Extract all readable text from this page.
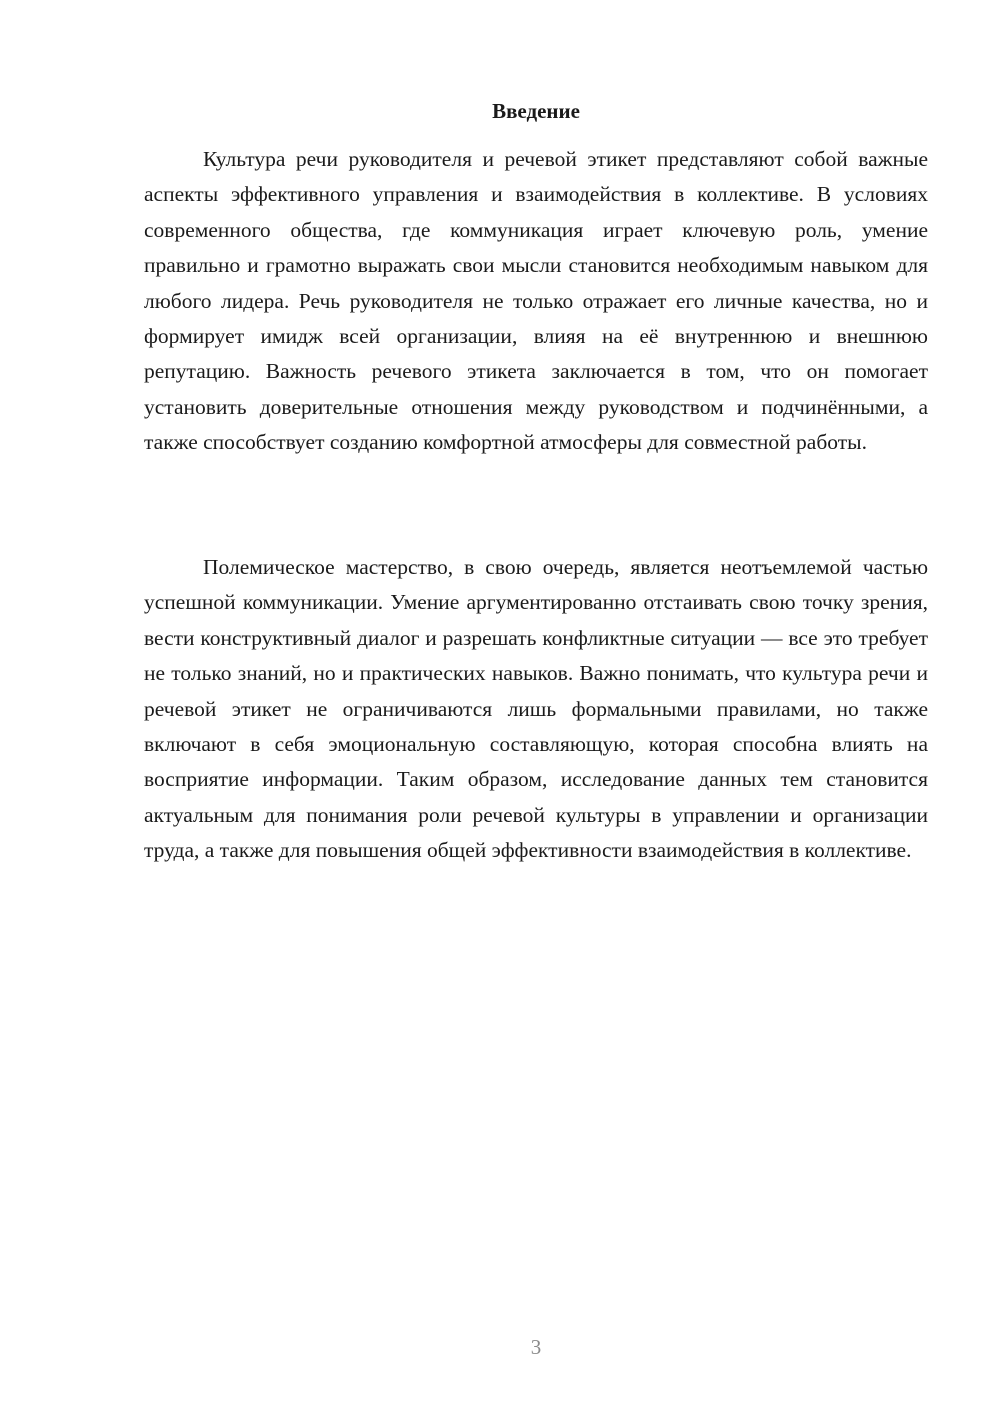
Введение

Культура речи руководителя и речевой этикет представляют собой важные аспекты эффективного управления и взаимодействия в коллективе. В условиях современного общества, где коммуникация играет ключевую роль, умение правильно и грамотно выражать свои мысли становится необходимым навыком для любого лидера. Речь руководителя не только отражает его личные качества, но и формирует имидж всей организации, влияя на её внутреннюю и внешнюю репутацию. Важность речевого этикета заключается в том, что он помогает установить доверительные отношения между руководством и подчинёнными, а также способствует созданию комфортной атмосферы для совместной работы.

Полемическое мастерство, в свою очередь, является неотъемлемой частью успешной коммуникации. Умение аргументированно отстаивать свою точку зрения, вести конструктивный диалог и разрешать конфликтные ситуации — все это требует не только знаний, но и практических навыков. Важно понимать, что культура речи и речевой этикет не ограничиваются лишь формальными правилами, но также включают в себя эмоциональную составляющую, которая способна влиять на восприятие информации. Таким образом, исследование данных тем становится актуальным для понимания роли речевой культуры в управлении и организации труда, а также для повышения общей эффективности взаимодействия в коллективе.

3
